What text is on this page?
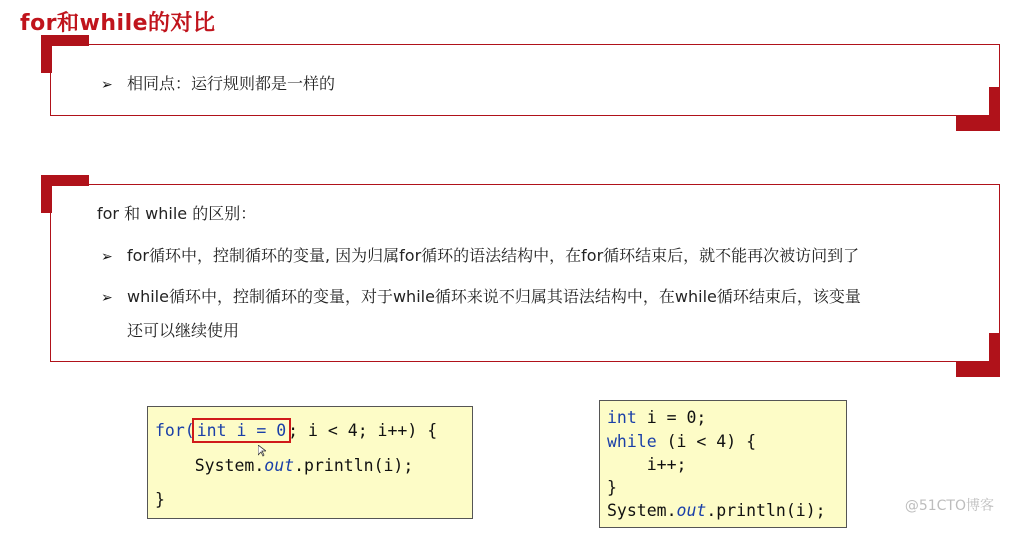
for和while的对比
➢ 相同点：运行规则都是一样的
for 和 while 的区别：
➢ for循环中，控制循环的变量, 因为归属for循环的语法结构中，在for循环结束后，就不能再次被访问到了
➢ while循环中，控制循环的变量，对于while循环来说不归属其语法结构中，在while循环结束后，该变量
还可以继续使用
for( int i = 0 ; i < 4; i++) {
System.out.println(i);
}
int i = 0;
while (i < 4) {
i++;
}
System.out.println(i);	@51CTO博客
